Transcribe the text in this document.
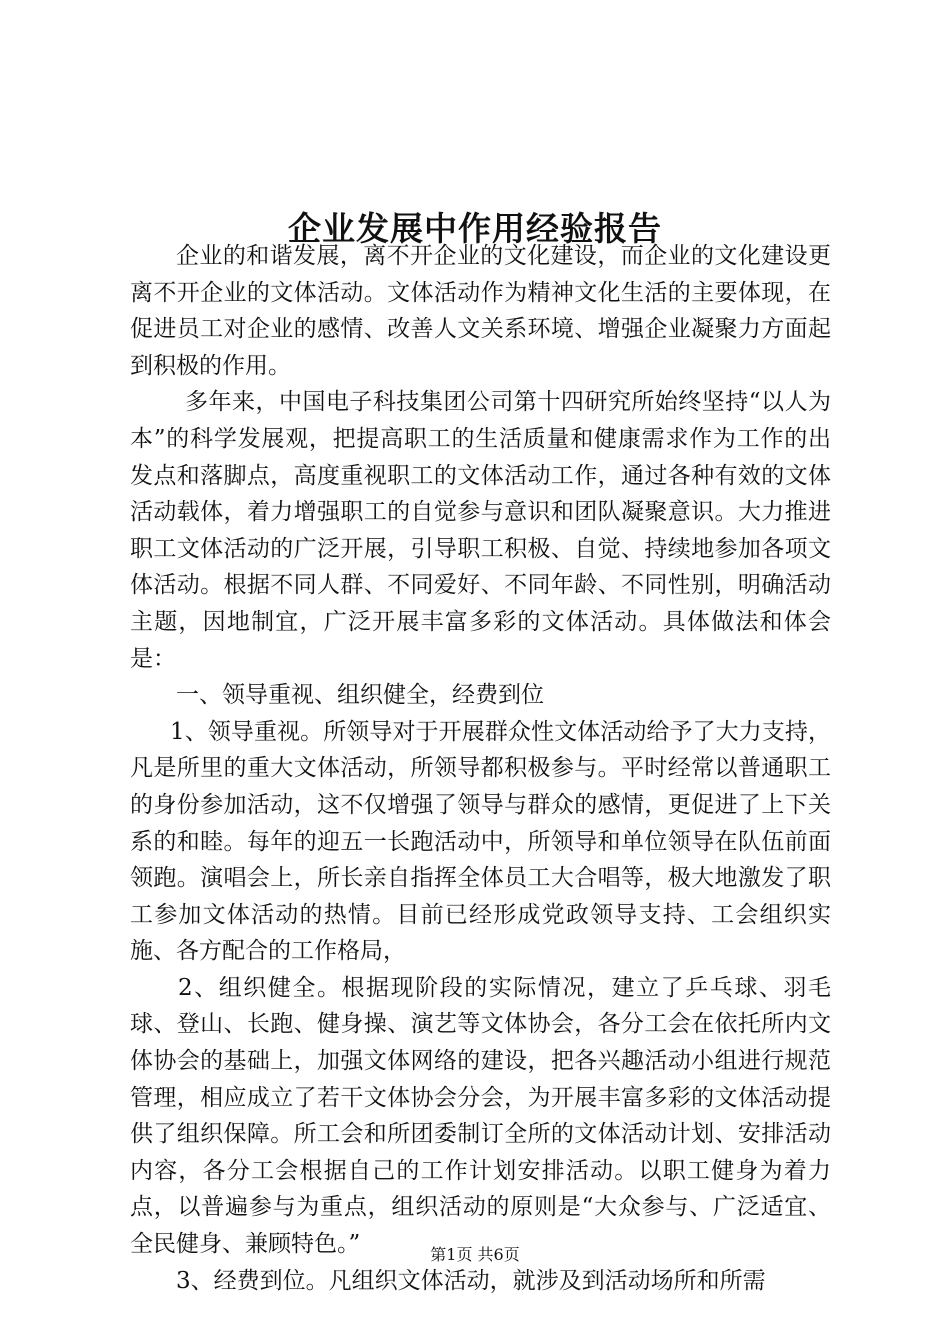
企业发展中作用经验报告

企业的和谐发展，离不开企业的文化建设，而企业的文化建设更离不开企业的文体活动。文体活动作为精神文化生活的主要体现，在促进员工对企业的感情、改善人文关系环境、增强企业凝聚力方面起到积极的作用。

多年来，中国电子科技集团公司第十四研究所始终坚持“以人为本”的科学发展观，把提高职工的生活质量和健康需求作为工作的出发点和落脚点，高度重视职工的文体活动工作，通过各种有效的文体活动载体，着力增强职工的自觉参与意识和团队凝聚意识。大力推进职工文体活动的广泛开展，引导职工积极、自觉、持续地参加各项文体活动。根据不同人群、不同爱好、不同年龄、不同性别，明确活动主题，因地制宜，广泛开展丰富多彩的文体活动。具体做法和体会是：

一、领导重视、组织健全，经费到位

1、领导重视。所领导对于开展群众性文体活动给予了大力支持，凡是所里的重大文体活动，所领导都积极参与。平时经常以普通职工的身份参加活动，这不仅增强了领导与群众的感情，更促进了上下关系的和睦。每年的迎五一长跑活动中，所领导和单位领导在队伍前面领跑。演唱会上，所长亲自指挥全体员工大合唱等，极大地激发了职工参加文体活动的热情。目前已经形成党政领导支持、工会组织实施、各方配合的工作格局，

2、组织健全。根据现阶段的实际情况，建立了乒乓球、羽毛球、登山、长跑、健身操、演艺等文体协会，各分工会在依托所内文体协会的基础上，加强文体网络的建设，把各兴趣活动小组进行规范管理，相应成立了若干文体协会分会，为开展丰富多彩的文体活动提供了组织保障。所工会和所团委制订全所的文体活动计划、安排活动内容，各分工会根据自己的工作计划安排活动。以职工健身为着力点，以普遍参与为重点，组织活动的原则是“大众参与、广泛适宜、全民健身、兼顾特色。”

3、经费到位。凡组织文体活动，就涉及到活动场所和所需

第1页 共6页
